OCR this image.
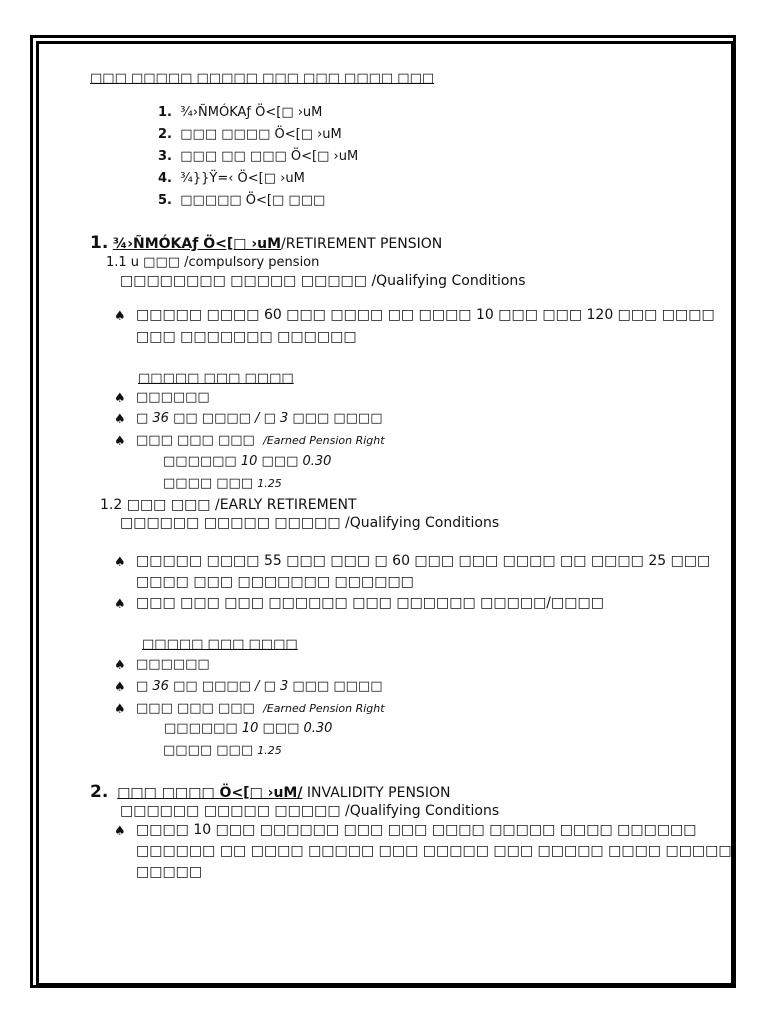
□□□ □□□□□ □□□□□ □□□ □□□ □□□□ □□□
1. ¾›ÑMÓKAƒ Ö<[□ ›uM
2. □□□ □□□□ Ö<[□ ›uM
3. □□□ □□ □□□ Ö<[□ ›uM
4. ¾}}Ÿ=‹ Ö<[□ ›uM
5. □□□□□ Ö<[□ □□□
1. ¾›ÑMÓKAƒ Ö<[□ ›uM/RETIREMENT PENSION
1.1 u □□□ /compulsory pension
□□□□□□□□ □□□□□ □□□□□ /Qualifying Conditions
♠ □□□□□ □□□□ 60 □□□ □□□□ □□ □□□□ 10 □□□ □□□ 120 □□□ □□□□
□□□ □□□□□□□ □□□□□□
□□□□□ □□□ □□□□
♠ □□□□□□
♠ □ 36 □□ □□□□ / □ 3 □□□ □□□□
♠ □□□ □□□ □□□ /Earned Pension Right
□□□□□□ 10 □□□ 0.30
□□□□ □□□ 1.25
1.2 □□□ □□□ /EARLY RETIREMENT
□□□□□□ □□□□□ □□□□□ /Qualifying Conditions
♠ □□□□□ □□□□ 55 □□□ □□□ □ 60 □□□ □□□ □□□□ □□ □□□□ 25 □□□
□□□□ □□□ □□□□□□□ □□□□□□
♠ □□□ □□□ □□□ □□□□□□ □□□ □□□□□□ □□□□□/□□□□
□□□□□ □□□ □□□□
♠ □□□□□□
♠ □ 36 □□ □□□□ / □ 3 □□□ □□□□
♠ □□□ □□□ □□□ /Earned Pension Right
□□□□□□ 10 □□□ 0.30
□□□□ □□□ 1.25
2. □□□ □□□□ Ö<[□ ›uM/ INVALIDITY PENSION
□□□□□□ □□□□□ □□□□□ /Qualifying Conditions
♠ □□□□ 10 □□□ □□□□□□ □□□ □□□ □□□□ □□□□□ □□□□ □□□□□□
□□□□□□ □□ □□□□ □□□□□ □□□ □□□□□ □□□ □□□□□ □□□□ □□□□□
□□□□□
